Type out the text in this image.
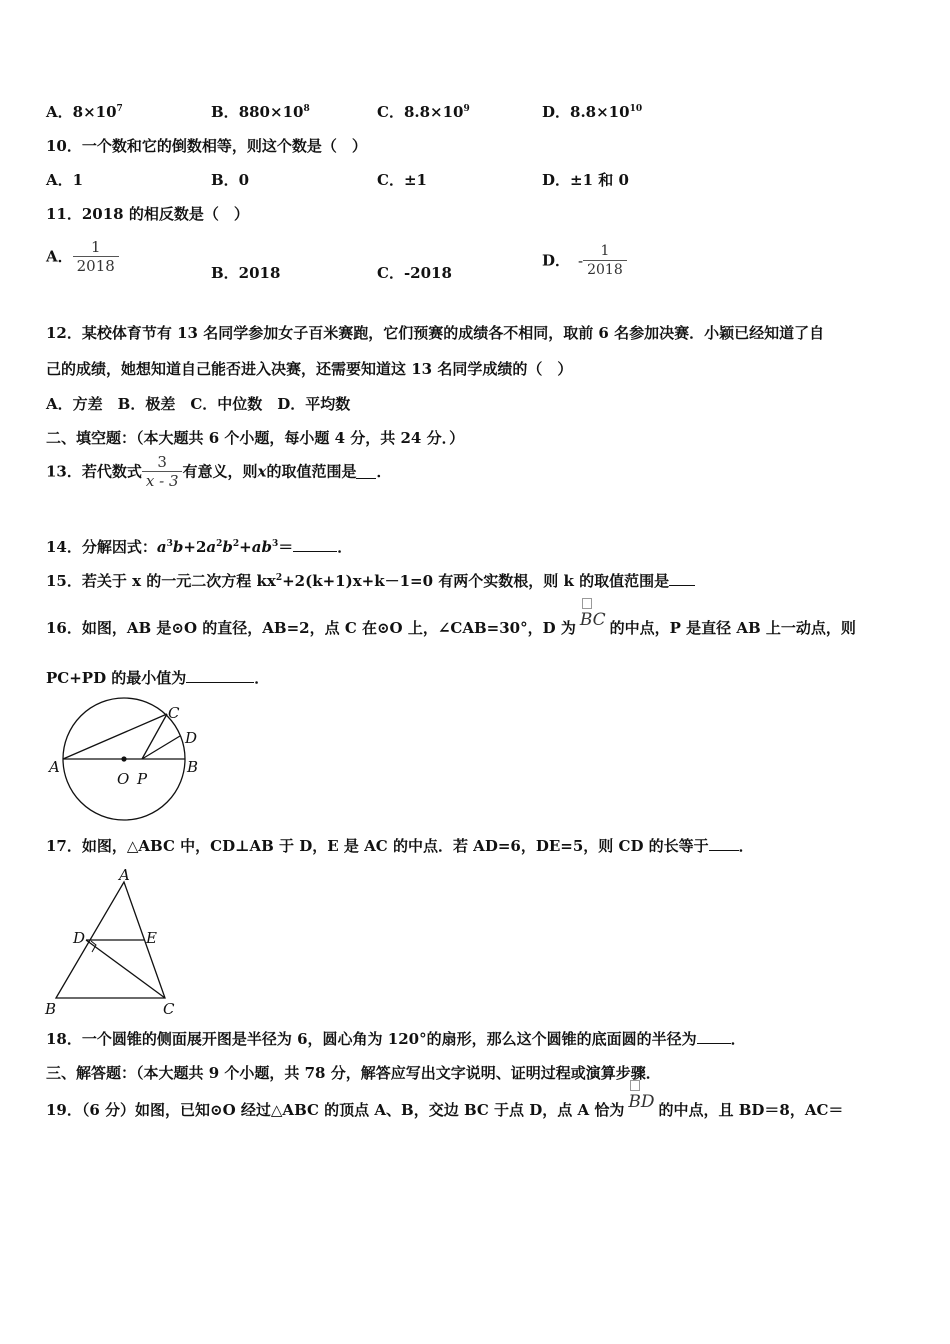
A．$8\times 10^7$	B．$880\times 10^8$	C．$8.8\times 10^9$	D．$8.8\times 10^{10}$
10．一个数和它的倒数相等，则这个数是（　）
A．1	B．0	C．±1	D．±1 和 0
11．2018 的相反数是（　）
A． $\frac{1}{2018}$	B．2018	C．-2018
D． - $\frac{1}{2018}$
12．某校体育节有 13 名同学参加女子百米赛跑，它们预赛的成绩各不相同，取前 6 名参加决赛．小颖已经知道了自
己的成绩，她想知道自己能否进入决赛，还需要知道这 13 名同学成绩的（　）
A．方差　B．极差　C．中位数　D．平均数
二、填空题：（本大题共 6 个小题，每小题 4 分，共 24 分．）
13．若代数式 $\frac{3}{x - 3}$ 有意义，则x的取值范围是 ．
14．分解因式：$a^3b+2a^2b^2+ab^3=$	．
15．若关于 x 的一元二次方程 $kx^2+2(k+1)x+k-1=0$ 有两个实数根，则 k 的取值范围是
16．如图，AB 是⊙O 的直径，AB=2，点 C 在⊙O 上，∠CAB=30°，D 为 BC 的中点，P 是直径 AB 上一动点，则
PC+PD 的最小值为	．
A	B
C
D
O P
17．如图，△ABC 中，CD⊥AB 于 D，E 是 AC 的中点．若 AD=6，DE=5，则 CD 的长等于 ．
A
B	C
D	E
18．一个圆锥的侧面展开图是半径为 6，圆心角为 120°的扇形，那么这个圆锥的底面圆的半径为 ．
三、解答题：（本大题共 9 个小题，共 78 分，解答应写出文字说明、证明过程或演算步骤．
19．（6 分）如图，已知⊙O 经过△ABC 的顶点 A、B，交边 BC 于点 D，点 A 恰为 BD 的中点，且 BD＝8，AC＝
